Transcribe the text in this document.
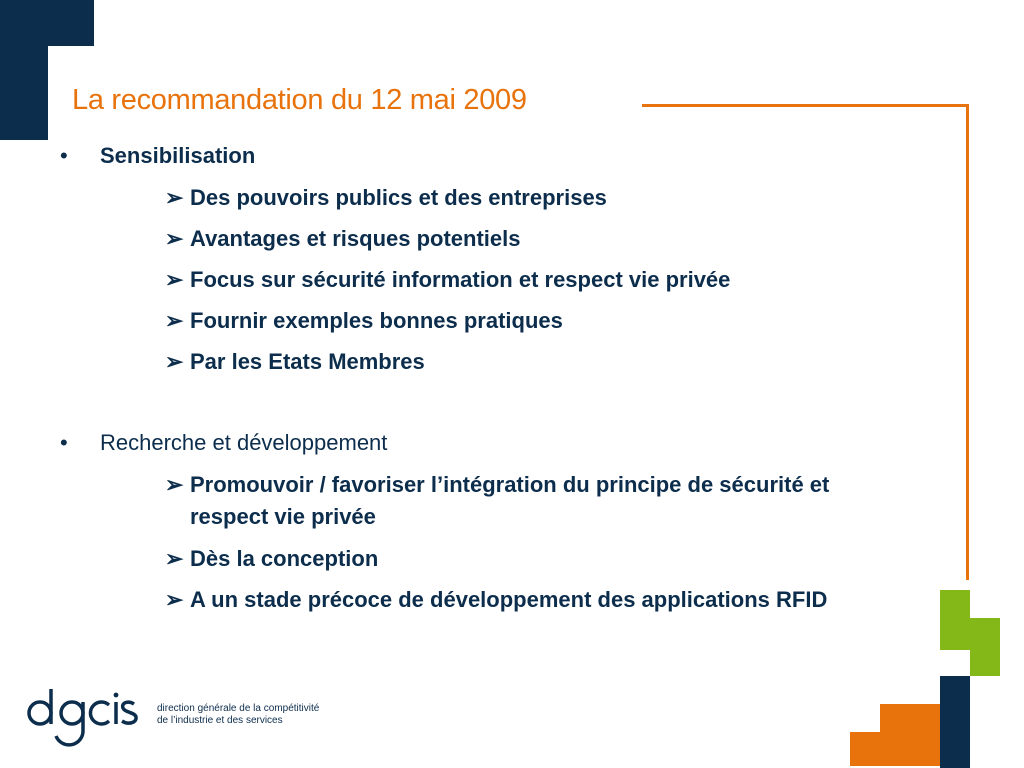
La recommandation du 12 mai 2009
• Sensibilisation
➢ Des pouvoirs publics et des entreprises
➢ Avantages et risques potentiels
➢ Focus sur sécurité information et respect vie privée
➢ Fournir exemples bonnes pratiques
➢ Par les Etats Membres
• Recherche et développement
➢ Promouvoir / favoriser l’intégration du principe de sécurité et respect vie privée
➢ Dès la conception
➢ A un stade précoce de développement des applications RFID
direction générale de la compétitivité
de l’industrie et des services
